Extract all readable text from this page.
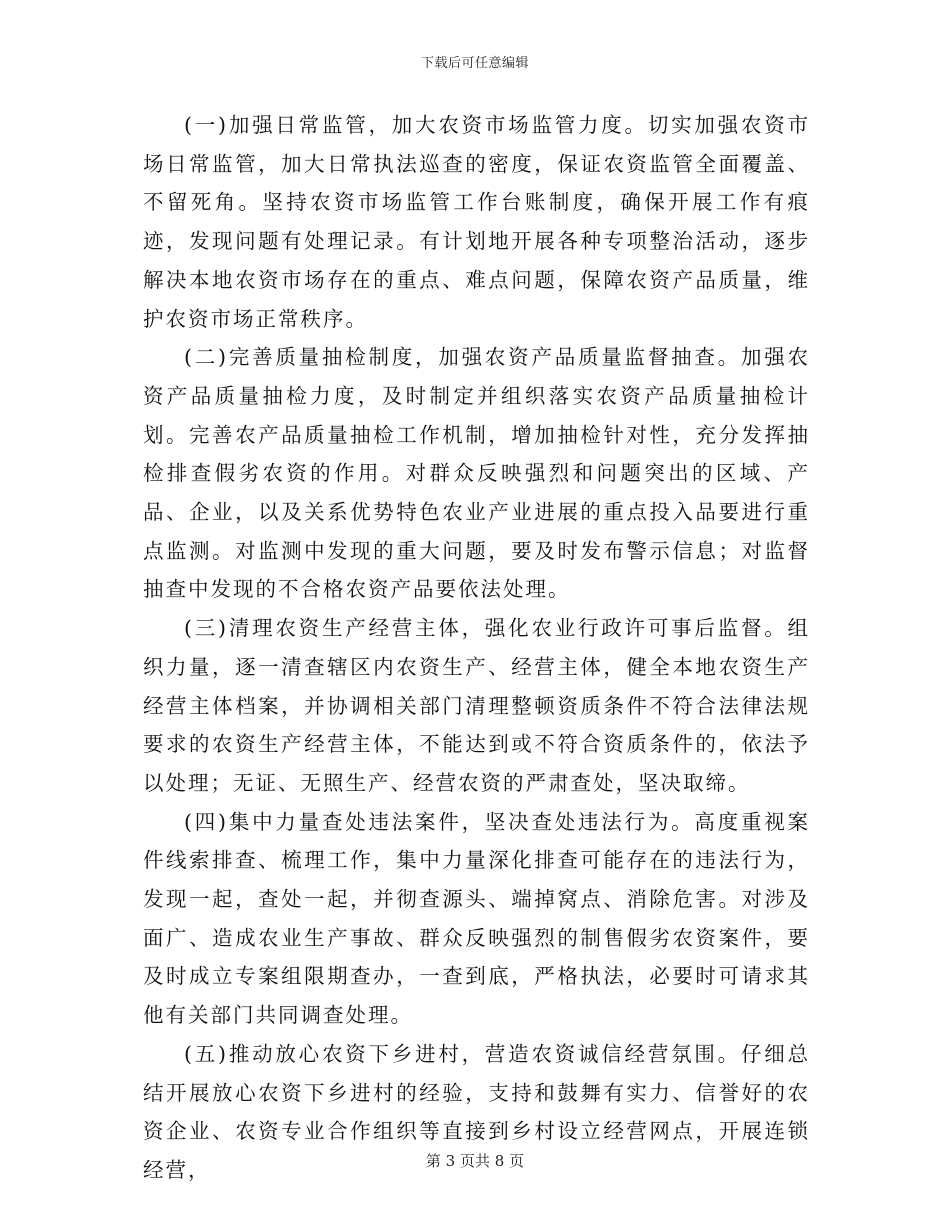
下载后可任意编辑

(一)加强日常监管，加大农资市场监管力度。切实加强农资市场日常监管，加大日常执法巡查的密度，保证农资监管全面覆盖、不留死角。坚持农资市场监管工作台账制度，确保开展工作有痕迹，发现问题有处理记录。有计划地开展各种专项整治活动，逐步解决本地农资市场存在的重点、难点问题，保障农资产品质量，维护农资市场正常秩序。

(二)完善质量抽检制度，加强农资产品质量监督抽查。加强农资产品质量抽检力度，及时制定并组织落实农资产品质量抽检计划。完善农产品质量抽检工作机制，增加抽检针对性，充分发挥抽检排查假劣农资的作用。对群众反映强烈和问题突出的区域、产品、企业，以及关系优势特色农业产业进展的重点投入品要进行重点监测。对监测中发现的重大问题，要及时发布警示信息；对监督抽查中发现的不合格农资产品要依法处理。

(三)清理农资生产经营主体，强化农业行政许可事后监督。组织力量，逐一清查辖区内农资生产、经营主体，健全本地农资生产经营主体档案，并协调相关部门清理整顿资质条件不符合法律法规要求的农资生产经营主体，不能达到或不符合资质条件的，依法予以处理；无证、无照生产、经营农资的严肃查处，坚决取缔。

(四)集中力量查处违法案件，坚决查处违法行为。高度重视案件线索排查、梳理工作，集中力量深化排查可能存在的违法行为，发现一起，查处一起，并彻查源头、端掉窝点、消除危害。对涉及面广、造成农业生产事故、群众反映强烈的制售假劣农资案件，要及时成立专案组限期查办，一查到底，严格执法，必要时可请求其他有关部门共同调查处理。

(五)推动放心农资下乡进村，营造农资诚信经营氛围。仔细总结开展放心农资下乡进村的经验，支持和鼓舞有实力、信誉好的农资企业、农资专业合作组织等直接到乡村设立经营网点，开展连锁经营，	第 3 页共 8 页
